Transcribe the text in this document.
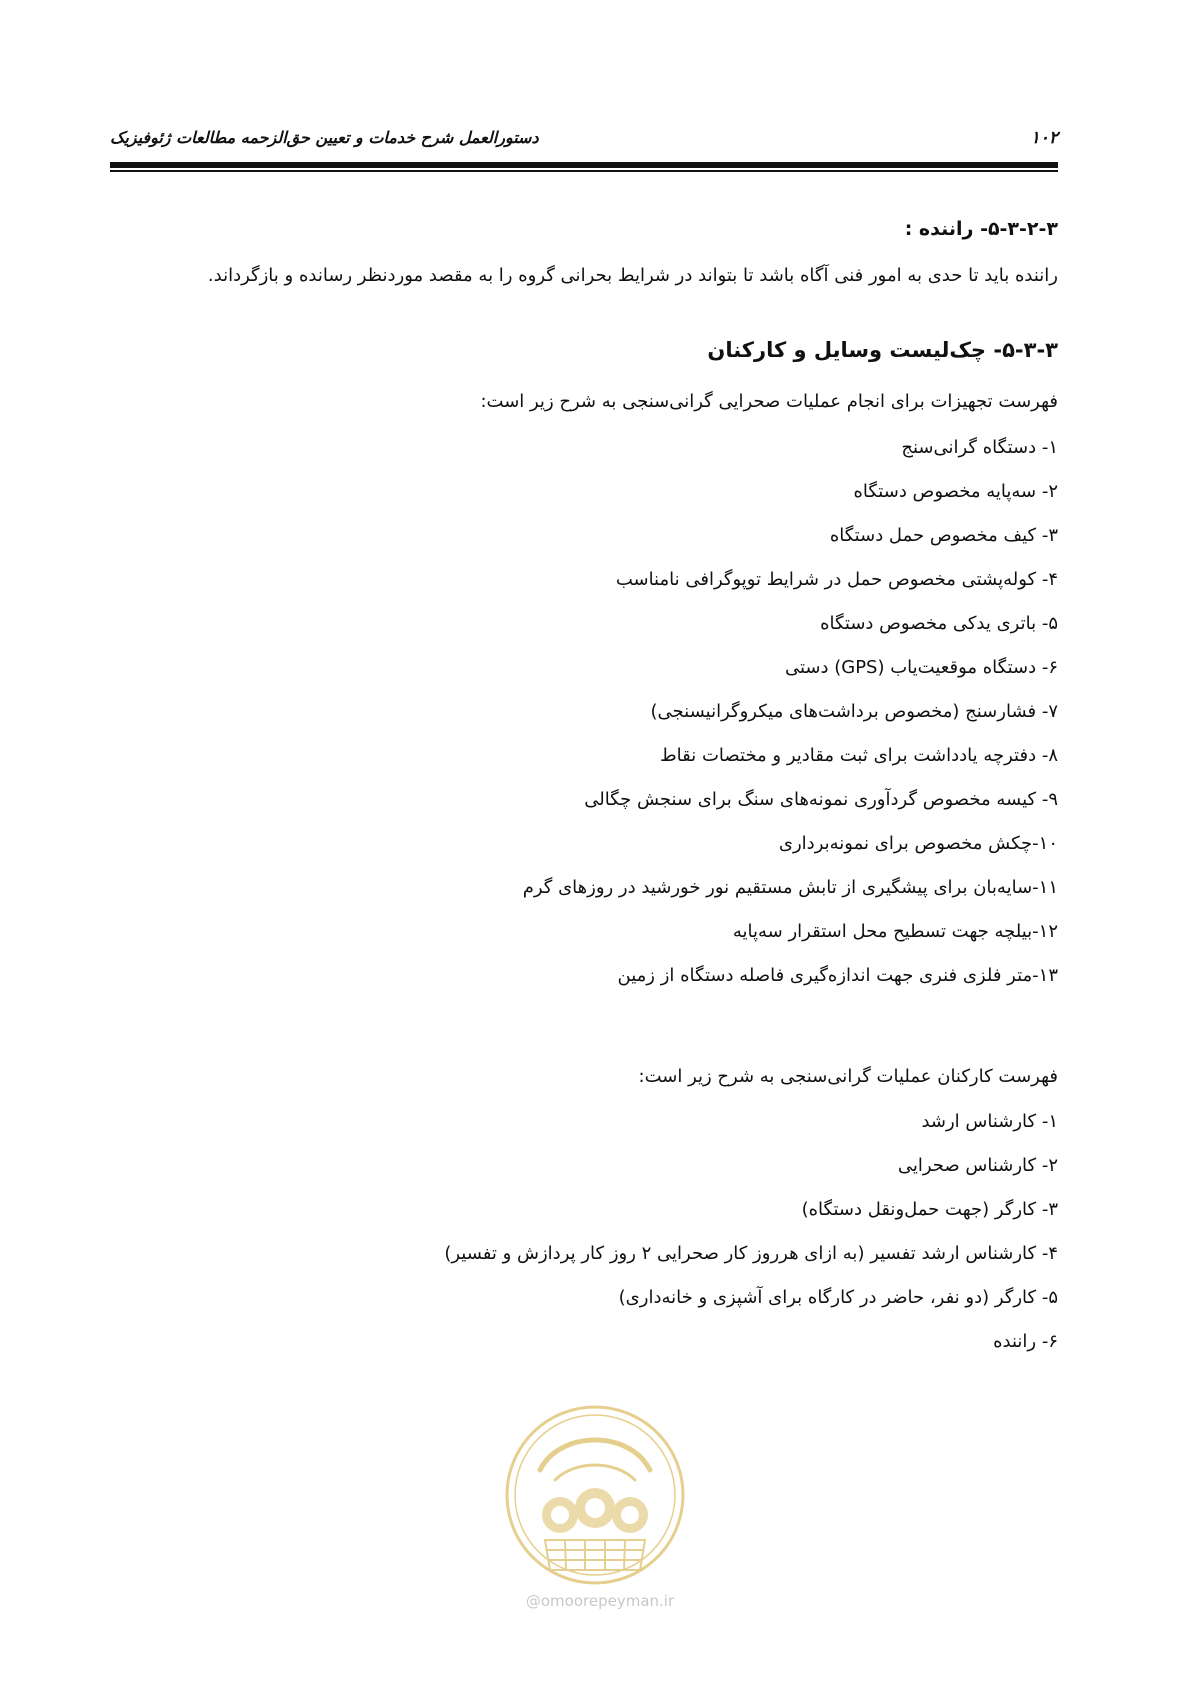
۱۰۲
دستورالعمل شرح خدمات و تعیین حق‌الزحمه مطالعات ژئوفیزیک
۵-۳-۲-۳- راننده :
راننده باید تا حدی به امور فنی آگاه باشد تا بتواند در شرایط بحرانی گروه را به مقصد موردنظر رسانده و بازگرداند.
۵-۳-۳- چک‌لیست وسایل و کارکنان
فهرست تجهیزات برای انجام عملیات صحرایی گرانی‌سنجی به شرح زیر است:
۱- دستگاه گرانی‌سنج
۲- سه‌پایه مخصوص دستگاه
۳- کیف مخصوص حمل دستگاه
۴- کوله‌پشتی مخصوص حمل در شرایط توپوگرافی نامناسب
۵- باتری یدکی مخصوص دستگاه
۶- دستگاه موقعیت‌یاب (GPS) دستی
۷- فشارسنج (مخصوص برداشت‌های میکروگرانیسنجی)
۸- دفترچه یادداشت برای ثبت مقادیر و مختصات نقاط
۹- کیسه مخصوص گردآوری نمونه‌های سنگ برای سنجش چگالی
۱۰-چکش مخصوص برای نمونه‌برداری
۱۱-سایه‌بان برای پیشگیری از تابش مستقیم نور خورشید در روزهای گرم
۱۲-بیلچه جهت تسطیح محل استقرار سه‌پایه
۱۳-متر فلزی فنری جهت اندازه‌گیری فاصله دستگاه از زمین
فهرست کارکنان عملیات گرانی‌سنجی به شرح زیر است:
۱- کارشناس ارشد
۲- کارشناس صحرایی
۳- کارگر (جهت حمل‌ونقل دستگاه)
۴- کارشناس ارشد تفسیر (به ازای هرروز کار صحرایی ۲ روز کار پردازش و تفسیر)
۵- کارگر (دو نفر، حاضر در کارگاه برای آشپزی و خانه‌داری)
۶- راننده
@omoorepeyman.ir
